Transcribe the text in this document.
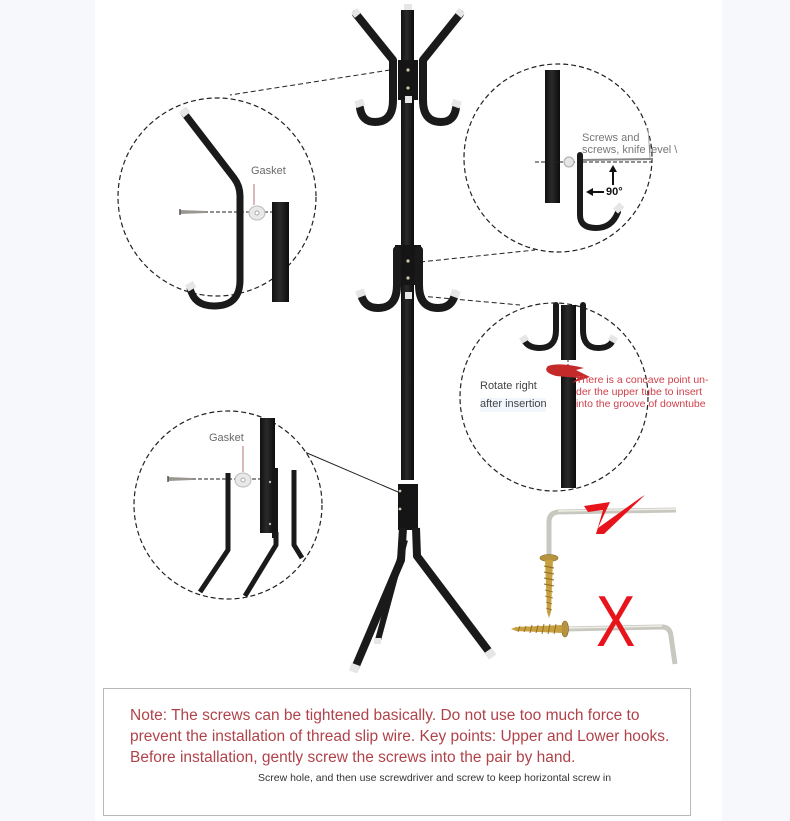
Gasket
Screws and
screws, knife level \
90°
Rotate right
after insertion
There is a concave point un-
der the upper tube to insert
into the groove of downtube
Gasket
X
Note: The screws can be tightened basically. Do not use too much force to prevent the installation of thread slip wire. Key points: Upper and Lower hooks. Before installation, gently screw the screws into the pair by hand.
Screw hole, and then use screwdriver and screw to keep horizontal screw in
